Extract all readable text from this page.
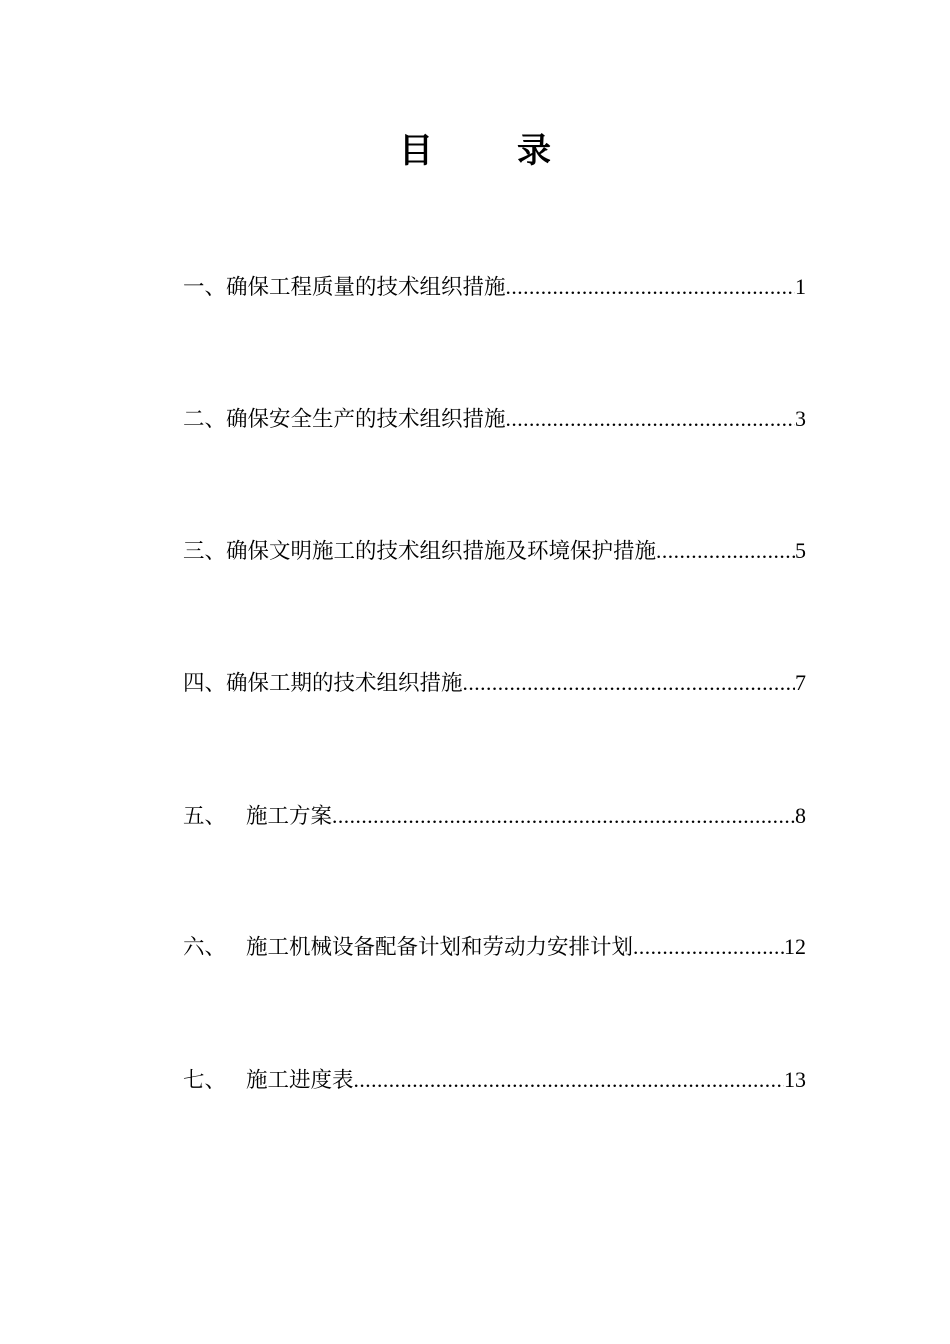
目 录
一、 确保工程质量的技术组织措施 .....	1
二、 确保安全生产的技术组织措施 .....	3
三、 确保文明施工的技术组织措施及环境保护措施 .....	5
四、 确保工期的技术组织措施 .....	7
五、 施工方案 .....	8
六、 施工机械设备配备计划和劳动力安排计划 .....	12
七、 施工进度表 .....	13
